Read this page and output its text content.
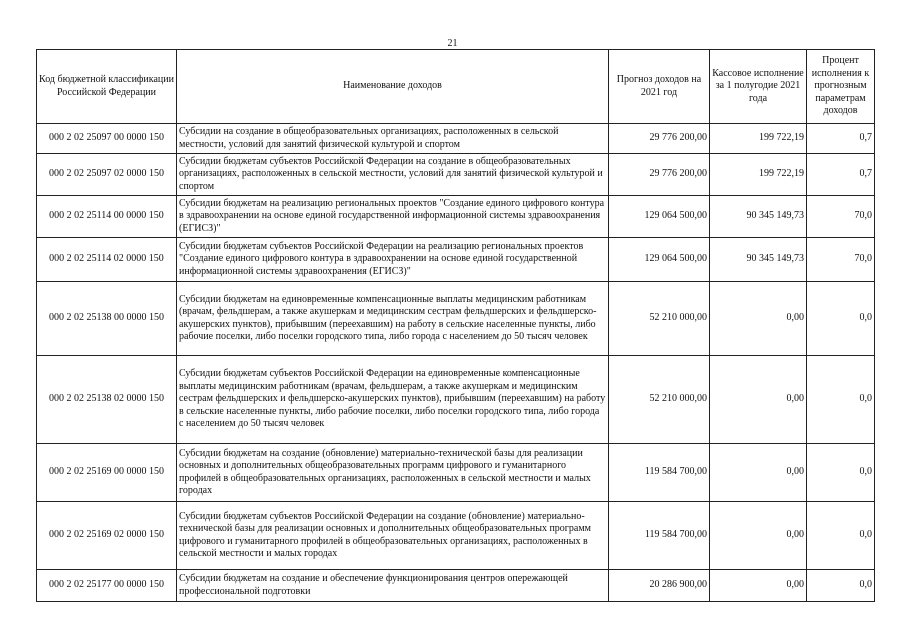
21
Код бюджетной классификации Российской Федерации	Наименование доходов	Прогноз доходов на 2021 год	Кассовое исполнение за 1 полугодие 2021 года	Процент исполнения к прогнозным параметрам доходов
000 2 02 25097 00 0000 150	Субсидии на создание в общеобразовательных организациях, расположенных в сельской местности, условий для занятий физической культурой и спортом	29 776 200,00	199 722,19	0,7
000 2 02 25097 02 0000 150	Субсидии бюджетам субъектов Российской Федерации на создание в общеобразовательных организациях, расположенных в сельской местности, условий для занятий физической культурой и спортом	29 776 200,00	199 722,19	0,7
000 2 02 25114 00 0000 150	Субсидии бюджетам на реализацию региональных проектов "Создание единого цифрового контура в здравоохранении на основе единой государственной информационной системы здравоохранения (ЕГИСЗ)"	129 064 500,00	90 345 149,73	70,0
000 2 02 25114 02 0000 150	Субсидии бюджетам субъектов Российской Федерации на реализацию региональных проектов "Создание единого цифрового контура в здравоохранении на основе единой государственной информационной системы здравоохранения (ЕГИСЗ)"	129 064 500,00	90 345 149,73	70,0
000 2 02 25138 00 0000 150	Субсидии бюджетам на единовременные компенсационные выплаты медицинским работникам (врачам, фельдшерам, а также акушеркам и медицинским сестрам фельдшерских и фельдшерско-акушерских пунктов), прибывшим (переехавшим) на работу в сельские населенные пункты, либо рабочие поселки, либо поселки городского типа, либо города с населением до 50 тысяч человек	52 210 000,00	0,00	0,0
000 2 02 25138 02 0000 150	Субсидии бюджетам субъектов Российской Федерации на единовременные компенсационные выплаты медицинским работникам (врачам, фельдшерам, а также акушеркам и медицинским сестрам фельдшерских и фельдшерско-акушерских пунктов), прибывшим (переехавшим) на работу в сельские населенные пункты, либо рабочие поселки, либо поселки городского типа, либо города с населением до 50 тысяч человек	52 210 000,00	0,00	0,0
000 2 02 25169 00 0000 150	Субсидии бюджетам на создание (обновление) материально-технической базы для реализации основных и дополнительных общеобразовательных программ цифрового и гуманитарного профилей в общеобразовательных организациях, расположенных в сельской местности и малых городах	119 584 700,00	0,00	0,0
000 2 02 25169 02 0000 150	Субсидии бюджетам субъектов Российской Федерации на создание (обновление) материально-технической базы для реализации основных и дополнительных общеобразовательных программ цифрового и гуманитарного профилей в общеобразовательных организациях, расположенных в сельской местности и малых городах	119 584 700,00	0,00	0,0
000 2 02 25177 00 0000 150	Субсидии бюджетам на создание и обеспечение функционирования центров опережающей профессиональной подготовки	20 286 900,00	0,00	0,0
